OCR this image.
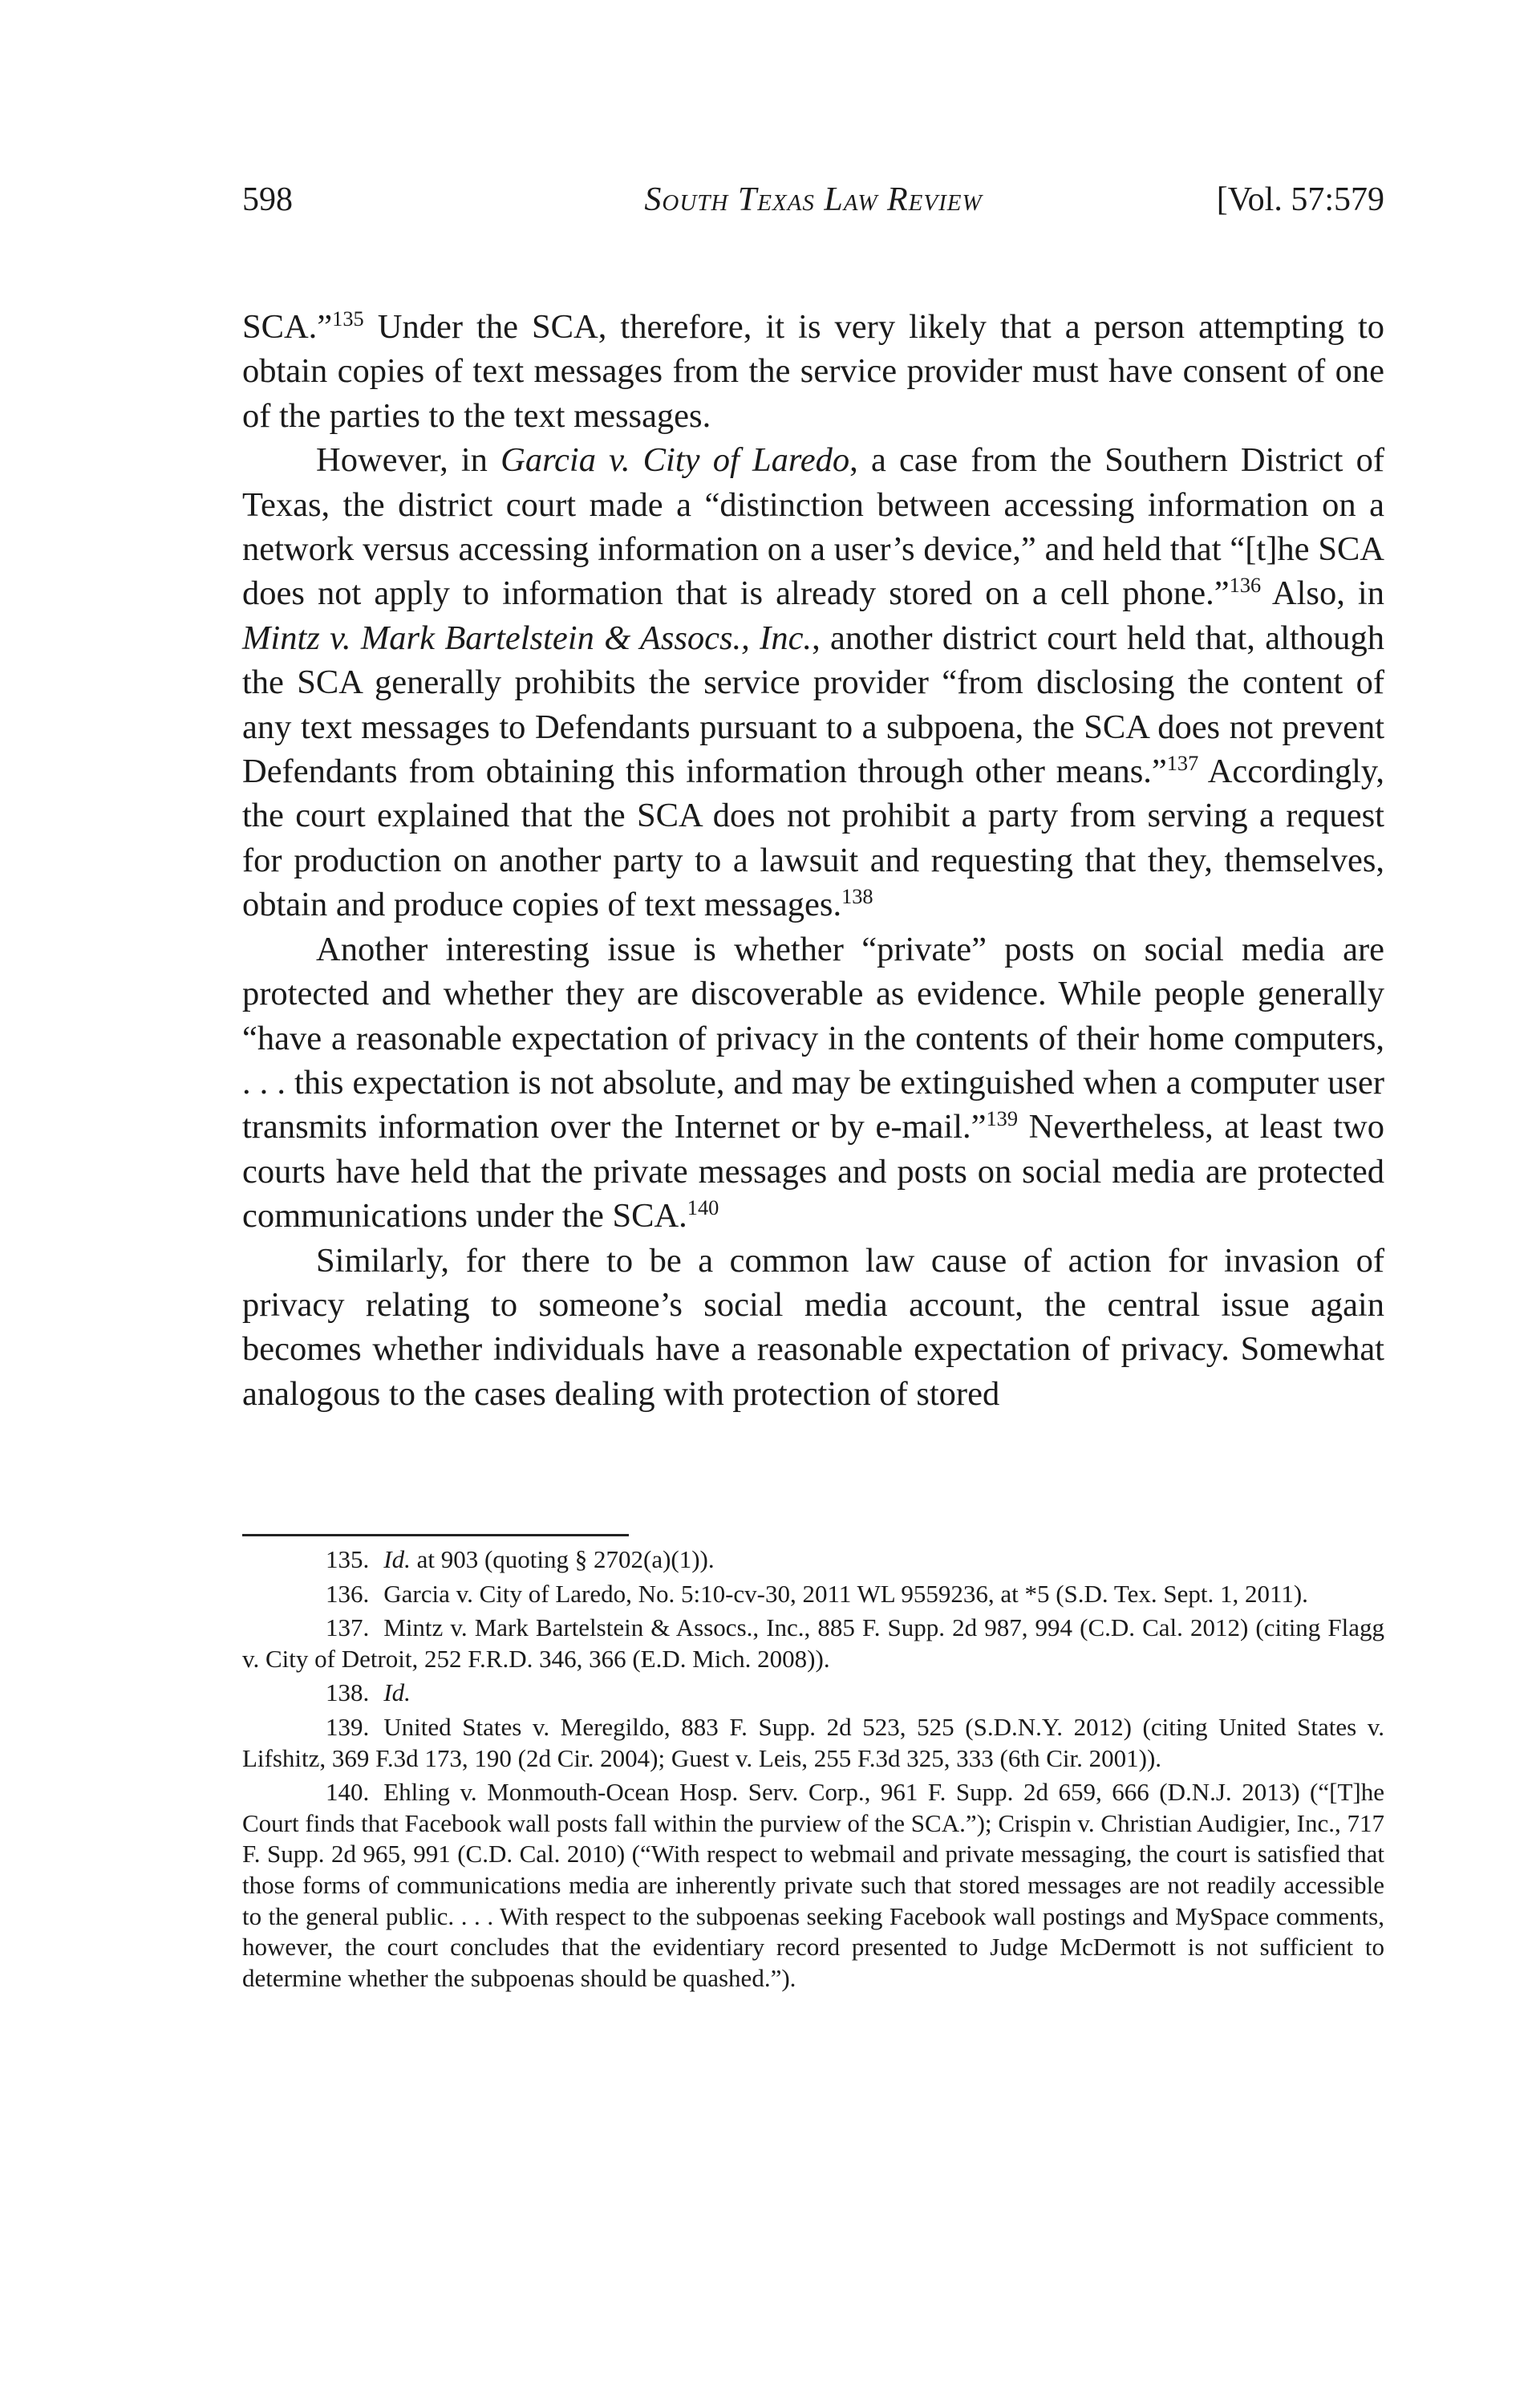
598	South Texas Law Review	[Vol. 57:579

SCA.”$^{135}$ Under the SCA, therefore, it is very likely that a person attempting to obtain copies of text messages from the service provider must have consent of one of the parties to the text messages.

However, in Garcia v. City of Laredo, a case from the Southern District of Texas, the district court made a “distinction between accessing information on a network versus accessing information on a user’s device,” and held that “[t]he SCA does not apply to information that is already stored on a cell phone.”$^{136}$ Also, in Mintz v. Mark Bartelstein & Assocs., Inc., another district court held that, although the SCA generally prohibits the service provider “from disclosing the content of any text messages to Defendants pursuant to a subpoena, the SCA does not prevent Defendants from obtaining this information through other means.”$^{137}$ Accordingly, the court explained that the SCA does not prohibit a party from serving a request for production on another party to a lawsuit and requesting that they, themselves, obtain and produce copies of text messages.$^{138}$

Another interesting issue is whether “private” posts on social media are protected and whether they are discoverable as evidence. While people generally “have a reasonable expectation of privacy in the contents of their home computers, . . . this expectation is not absolute, and may be extinguished when a computer user transmits information over the Internet or by e-mail.”$^{139}$ Nevertheless, at least two courts have held that the private messages and posts on social media are protected communications under the SCA.$^{140}$

Similarly, for there to be a common law cause of action for invasion of privacy relating to someone’s social media account, the central issue again becomes whether individuals have a reasonable expectation of privacy. Somewhat analogous to the cases dealing with protection of stored

135. Id. at 903 (quoting § 2702(a)(1)).

136. Garcia v. City of Laredo, No. 5:10-cv-30, 2011 WL 9559236, at *5 (S.D. Tex. Sept. 1, 2011).

137. Mintz v. Mark Bartelstein & Assocs., Inc., 885 F. Supp. 2d 987, 994 (C.D. Cal. 2012) (citing Flagg v. City of Detroit, 252 F.R.D. 346, 366 (E.D. Mich. 2008)).

138. Id.

139. United States v. Meregildo, 883 F. Supp. 2d 523, 525 (S.D.N.Y. 2012) (citing United States v. Lifshitz, 369 F.3d 173, 190 (2d Cir. 2004); Guest v. Leis, 255 F.3d 325, 333 (6th Cir. 2001)).

140. Ehling v. Monmouth-Ocean Hosp. Serv. Corp., 961 F. Supp. 2d 659, 666 (D.N.J. 2013) (“[T]he Court finds that Facebook wall posts fall within the purview of the SCA.”); Crispin v. Christian Audigier, Inc., 717 F. Supp. 2d 965, 991 (C.D. Cal. 2010) (“With respect to webmail and private messaging, the court is satisfied that those forms of communications media are inherently private such that stored messages are not readily accessible to the general public. . . . With respect to the subpoenas seeking Facebook wall postings and MySpace comments, however, the court concludes that the evidentiary record presented to Judge McDermott is not sufficient to determine whether the subpoenas should be quashed.”).
